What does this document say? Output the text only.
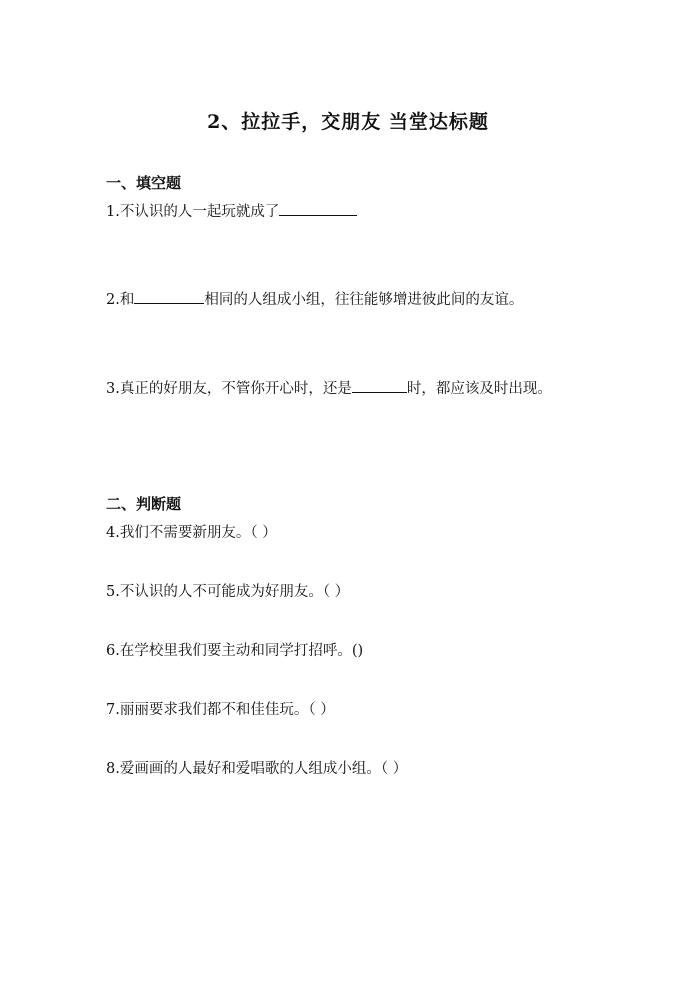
2、拉拉手，交朋友 当堂达标题
一、填空题
1.不认识的人一起玩就成了
2.和	相同的人组成小组，往往能够增进彼此间的友谊。
3.真正的好朋友，不管你开心时，还是	时，都应该及时出现。
二、判断题
4.我们不需要新朋友。（ ）
5.不认识的人不可能成为好朋友。（ ）
6.在学校里我们要主动和同学打招呼。()
7.丽丽要求我们都不和佳佳玩。（ ）
8.爱画画的人最好和爱唱歌的人组成小组。（ ）
